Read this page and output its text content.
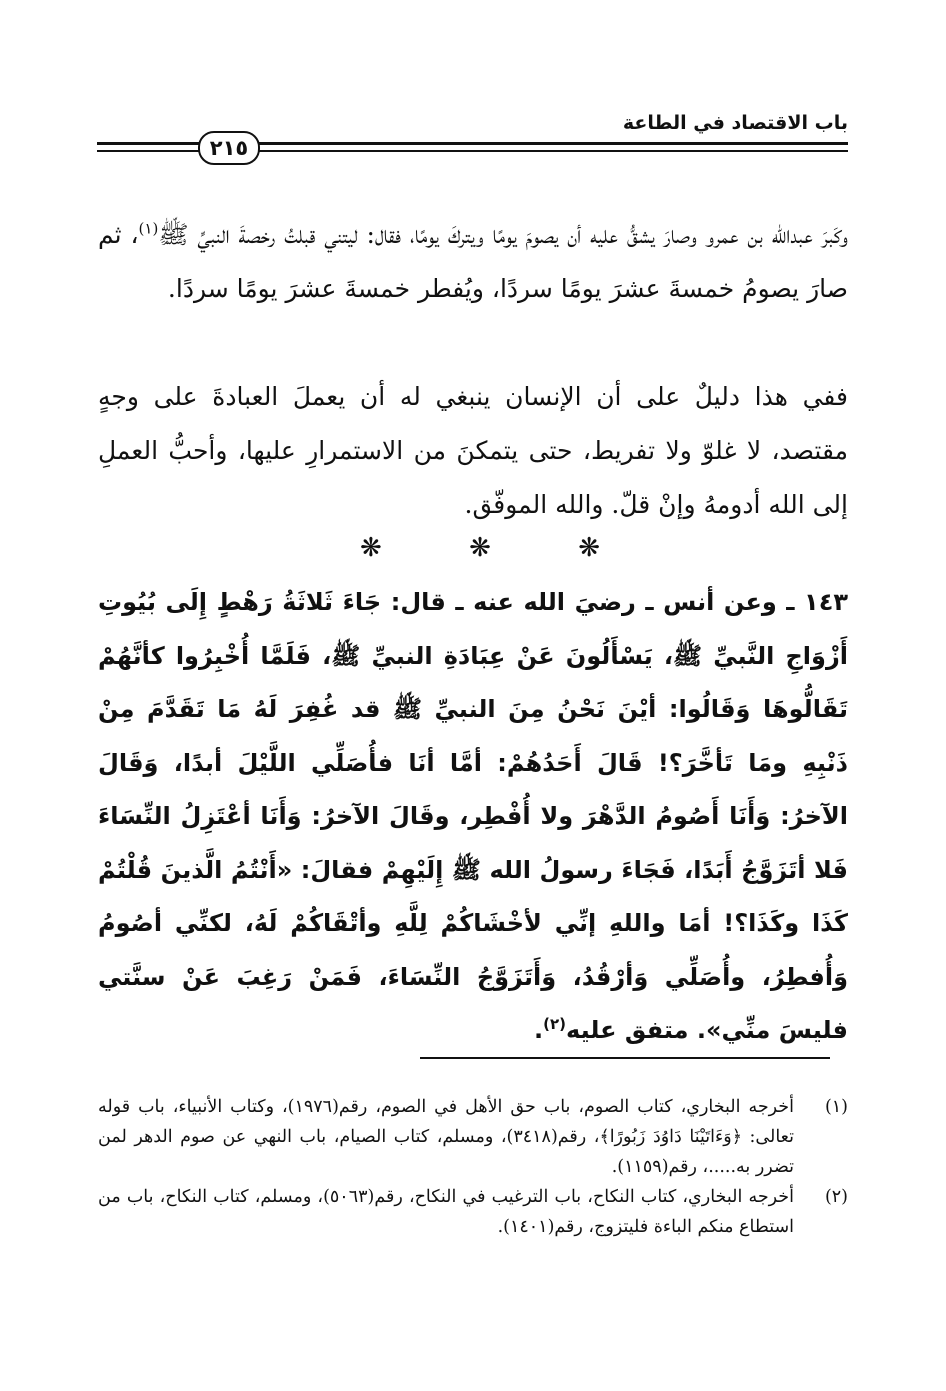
باب الاقتصاد في الطاعة
٢١٥
وكَبرَ عبدالله بن عمرو وصارَ يشقُّ عليه أن يصومَ يومًا ويتركَ يومًا، فقال: ليتني قبلتُ رخصةَ النبيِّ ﷺ$^{(١)}$، ثم صارَ يصومُ خمسةَ عشرَ يومًا سردًا، ويُفطر خمسةَ عشرَ يومًا سردًا.
ففي هذا دليلٌ على أن الإنسان ينبغي له أن يعملَ العبادةَ على وجهٍ مقتصد، لا غلوّ ولا تفريط، حتى يتمكنَ من الاستمرارِ عليها، وأحبُّ العملِ إلى الله أدومهُ وإنْ قلّ. والله الموفّق.
❋
❋
❋
١٤٣ ـ وعن أنس ـ رضيَ الله عنه ـ قال: جَاءَ ثَلاثَةُ رَهْطٍ إِلَى بُيُوتِ أَزْوَاجِ النَّبيِّ ﷺ، يَسْأَلُونَ عَنْ عِبَادَةِ النبيِّ ﷺ، فَلَمَّا أُخْبِرُوا كأنَّهُمْ تَقَالُّوهَا وَقَالُوا: أيْنَ نَحْنُ مِنَ النبيِّ ﷺ قد غُفِرَ لَهُ مَا تَقَدَّمَ مِنْ ذَنْبِهِ ومَا تَأخَّرَ؟! قَالَ أَحَدُهُمْ: أمَّا أنَا فأُصَلِّي اللَّيْلَ أبدًا، وَقَالَ الآخرُ: وَأَنَا أَصُومُ الدَّهْرَ ولا أُفْطِر، وقَالَ الآخرُ: وَأَنَا أعْتَزِلُ النِّسَاءَ فَلا أتَزَوَّجُ أَبَدًا، فَجَاءَ رسولُ الله ﷺ إِلَيْهِمْ فقالَ: «أَنْتُمُ الَّذينَ قُلْتُمْ كَذَا وكَذَا؟! أمَا واللهِ إنِّي لأخْشَاكُمْ لِلَّهِ وأتْقَاكُمْ لَهُ، لكنِّي أصُومُ وَأُفطِرُ، وأُصَلِّي وَأرْقُدُ، وَأَتَزَوَّجُ النِّسَاءَ، فَمَنْ رَغِبَ عَنْ سنَّتي فليسَ منِّي». متفق عليه$^{(٢)}$.
(١)
أخرجه البخاري، كتاب الصوم، باب حق الأهل في الصوم، رقم(١٩٧٦)، وكتاب الأنبياء، باب قوله تعالى: ﴿وَءَاتَيْنَا دَاوُدَ زَبُورًا﴾، رقم(٣٤١٨)، ومسلم، كتاب الصيام، باب النهي عن صوم الدهر لمن تضرر به.....، رقم(١١٥٩).
(٢)
أخرجه البخاري، كتاب النكاح، باب الترغيب في النكاح، رقم(٥٠٦٣)، ومسلم، كتاب النكاح، باب من استطاع منكم الباءة فليتزوج، رقم(١٤٠١).
